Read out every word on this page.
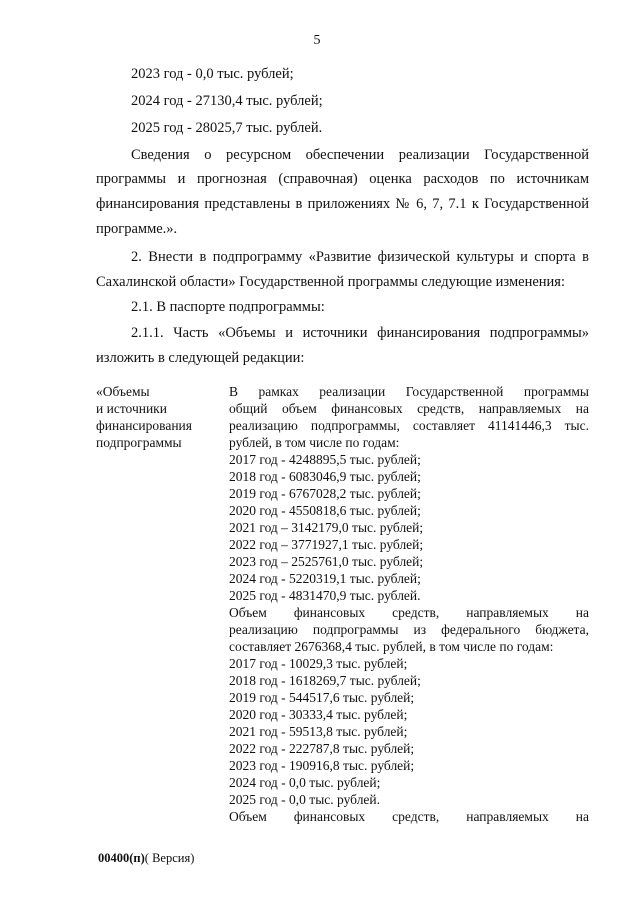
5
2023 год - 0,0 тыс. рублей;
2024 год - 27130,4 тыс. рублей;
2025 год - 28025,7 тыс. рублей.
Сведения о ресурсном обеспечении реализации Государственной
программы и прогнозная (справочная) оценка расходов по источникам
финансирования представлены в приложениях № 6, 7, 7.1 к Государственной
программе.».
2. Внести в подпрограмму «Развитие физической культуры и спорта в
Сахалинской области» Государственной программы следующие изменения:
2.1. В паспорте подпрограммы:
2.1.1. Часть «Объемы и источники финансирования подпрограммы»
изложить в следующей редакции:
«Объемы
и источники
финансирования
подпрограммы
В рамках реализации Государственной программы
общий объем финансовых средств, направляемых на
реализацию подпрограммы, составляет 41141446,3 тыс.
рублей, в том числе по годам:
2017 год - 4248895,5 тыс. рублей;
2018 год - 6083046,9 тыс. рублей;
2019 год - 6767028,2 тыс. рублей;
2020 год - 4550818,6 тыс. рублей;
2021 год – 3142179,0 тыс. рублей;
2022 год – 3771927,1 тыс. рублей;
2023 год – 2525761,0 тыс. рублей;
2024 год - 5220319,1 тыс. рублей;
2025 год - 4831470,9 тыс. рублей.
Объем финансовых средств, направляемых на
реализацию подпрограммы из федерального бюджета,
составляет 2676368,4 тыс. рублей, в том числе по годам:
2017 год - 10029,3 тыс. рублей;
2018 год - 1618269,7 тыс. рублей;
2019 год - 544517,6 тыс. рублей;
2020 год - 30333,4 тыс. рублей;
2021 год - 59513,8 тыс. рублей;
2022 год - 222787,8 тыс. рублей;
2023 год - 190916,8 тыс. рублей;
2024 год - 0,0 тыс. рублей;
2025 год - 0,0 тыс. рублей.
Объем финансовых средств, направляемых на
00400(п)( Версия)
